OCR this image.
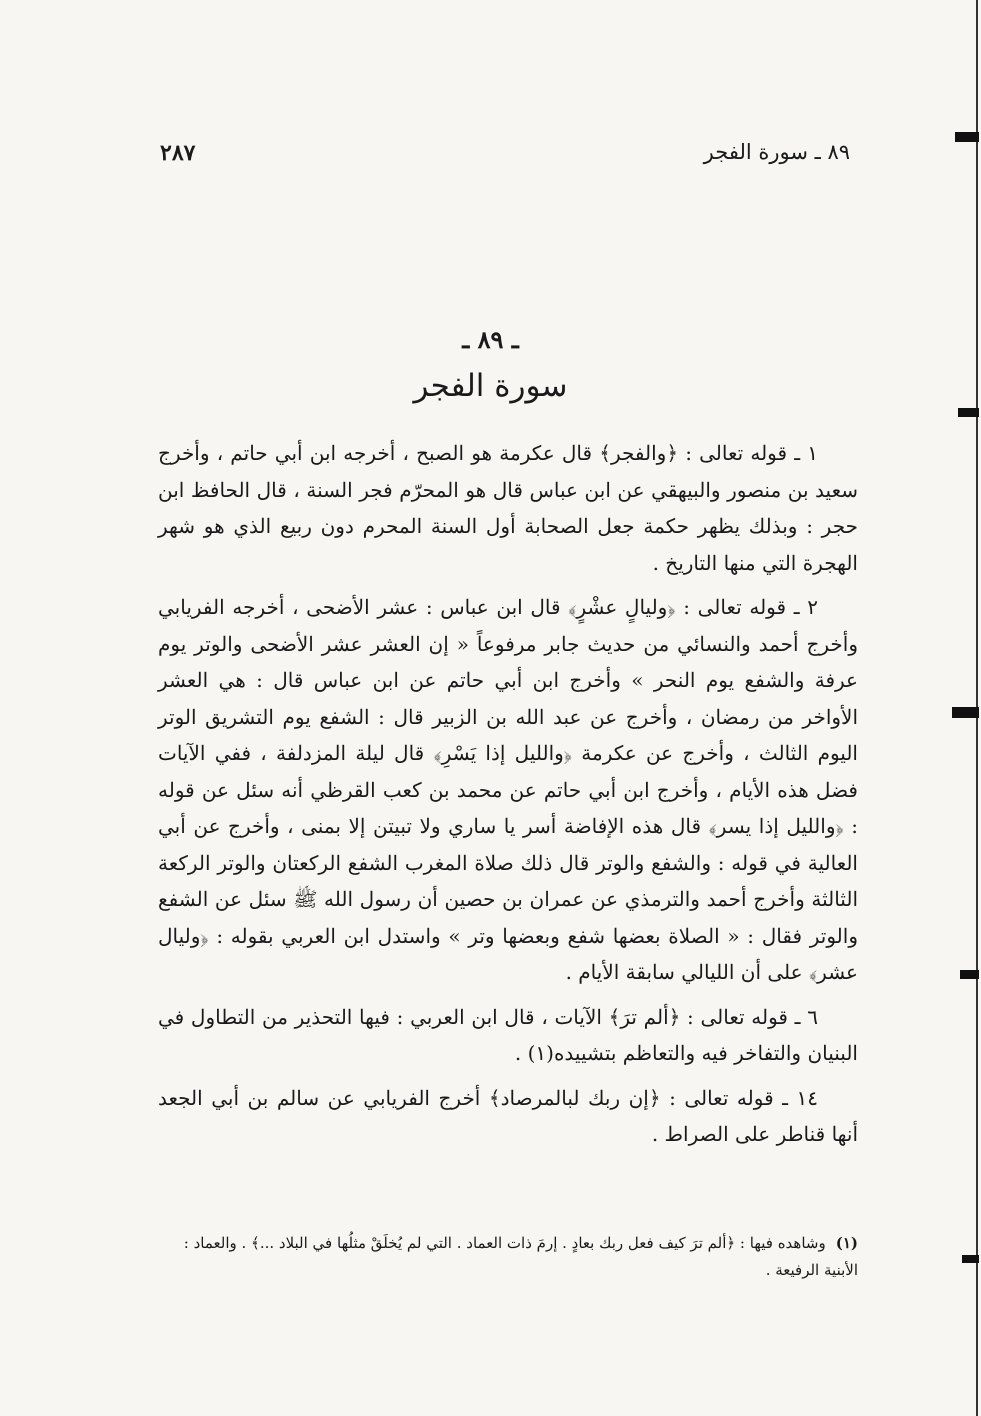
٨٩ ـ سورة الفجر
٢٨٧
ـ ٨٩ ـ
سورة الفجر

١ ـ قوله تعالى : ﴿والفجر﴾ قال عكرمة هو الصبح ، أخرجه ابن أبي حاتم ، وأخرج سعيد بن منصور والبيهقي عن ابن عباس قال هو المحرّم فجر السنة ، قال الحافظ ابن حجر : وبذلك يظهر حكمة جعل الصحابة أول السنة المحرم دون ربيع الذي هو شهر الهجرة التي منها التاريخ .

٢ ـ قوله تعالى : ﴿وليالٍ عشْرٍ﴾ قال ابن عباس : عشر الأضحى ، أخرجه الفريابي وأخرج أحمد والنسائي من حديث جابر مرفوعاً « إن العشر عشر الأضحى والوتر يوم عرفة والشفع يوم النحر » وأخرج ابن أبي حاتم عن ابن عباس قال : هي العشر الأواخر من رمضان ، وأخرج عن عبد الله بن الزبير قال : الشفع يوم التشريق الوتر اليوم الثالث ، وأخرج عن عكرمة ﴿والليل إذا يَسْرِ﴾ قال ليلة المزدلفة ، ففي الآيات فضل هذه الأيام ، وأخرج ابن أبي حاتم عن محمد بن كعب القرظي أنه سئل عن قوله : ﴿والليل إذا يسر﴾ قال هذه الإفاضة أسر يا ساري ولا تبيتن إلا بمنى ، وأخرج عن أبي العالية في قوله : والشفع والوتر قال ذلك صلاة المغرب الشفع الركعتان والوتر الركعة الثالثة وأخرج أحمد والترمذي عن عمران بن حصين أن رسول الله ﷺ سئل عن الشفع والوتر فقال : « الصلاة بعضها شفع وبعضها وتر » واستدل ابن العربي بقوله : ﴿وليال عشر﴾ على أن الليالي سابقة الأيام .

٦ ـ قوله تعالى : ﴿ألم ترَ﴾ الآيات ، قال ابن العربي : فيها التحذير من التطاول في البنيان والتفاخر فيه والتعاظم بتشييده(١) .

١٤ ـ قوله تعالى : ﴿إن ربك لبالمرصاد﴾ أخرج الفريابي عن سالم بن أبي الجعد أنها قناطر على الصراط .

(١)وشاهده فيها : ﴿ألم ترَ كيف فعل ربك بعادٍ . إرمَ ذات العماد . التي لم يُخلَقْ مثلُها في البلاد ...﴾ . والعماد : الأبنية الرفيعة .
